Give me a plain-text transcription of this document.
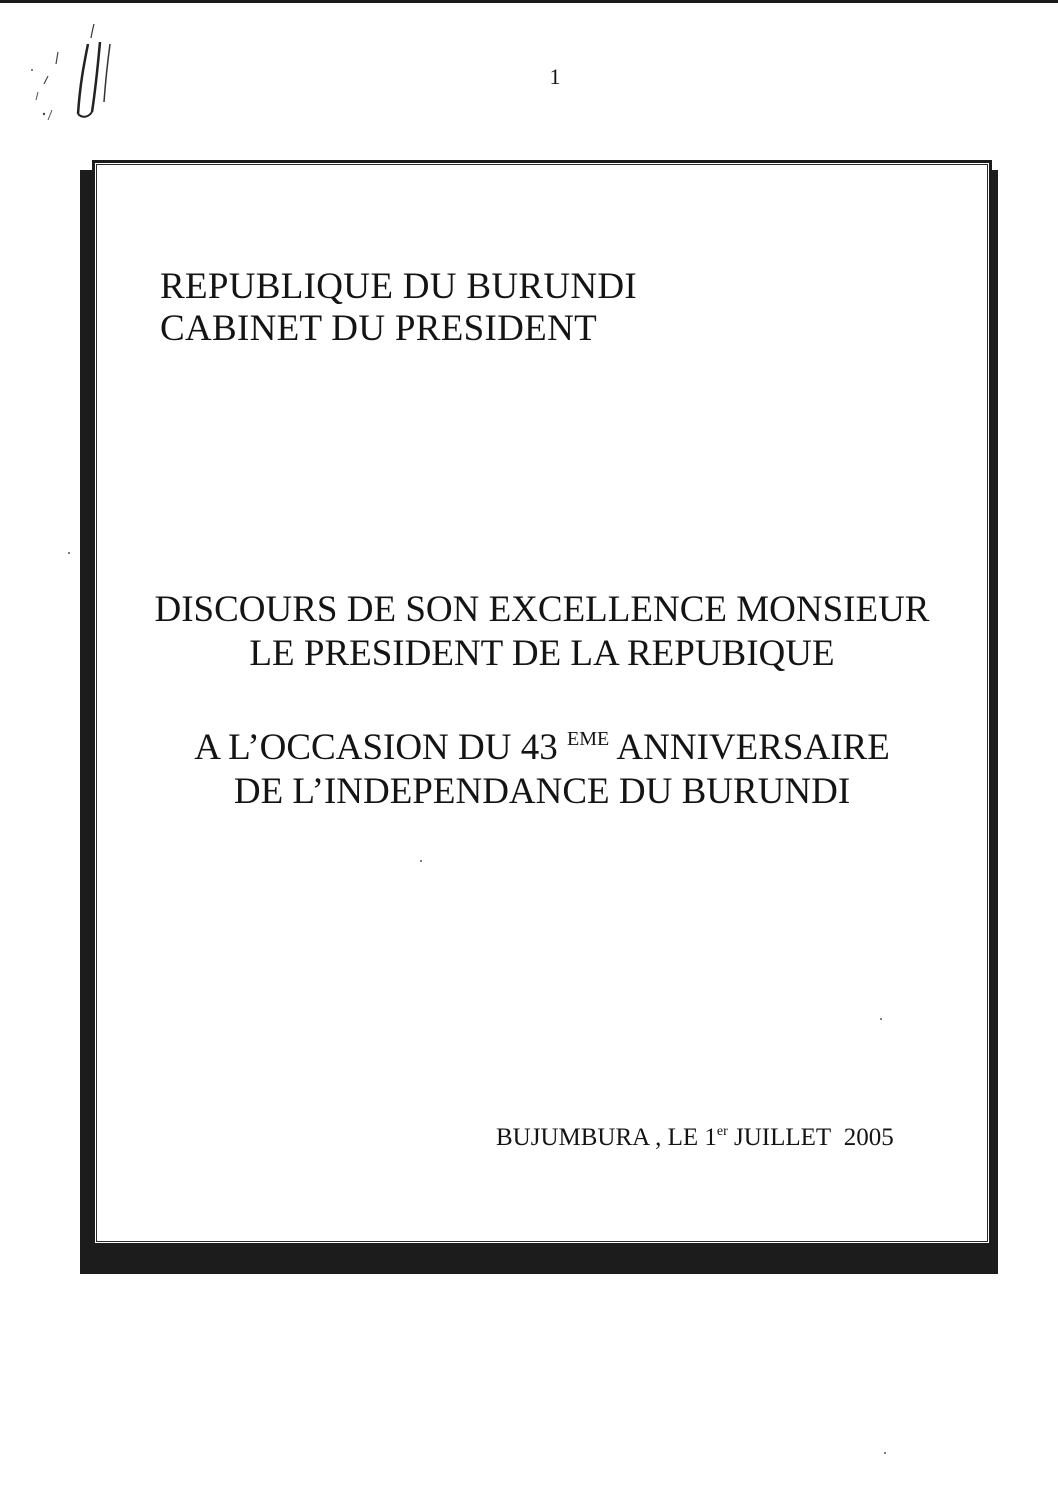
1
REPUBLIQUE DU BURUNDI
CABINET DU PRESIDENT
DISCOURS DE SON EXCELLENCE MONSIEUR
LE PRESIDENT DE LA REPUBIQUE
A L’OCCASION DU 43 $^{EME}$ ANNIVERSAIRE
DE L’INDEPENDANCE DU BURUNDI
BUJUMBURA , LE 1er JUILLET 2005
